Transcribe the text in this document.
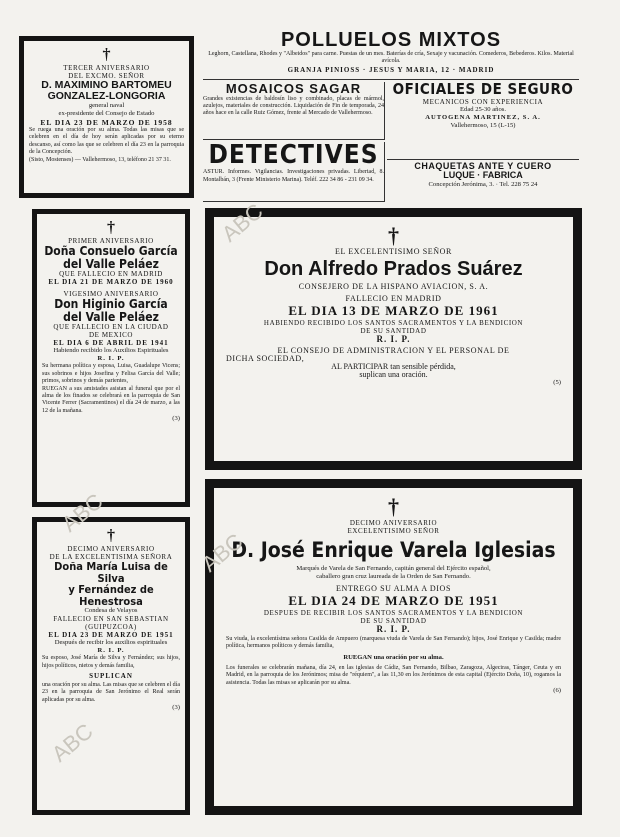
†
TERCER ANIVERSARIO
DEL EXCMO. SEÑOR
D. MAXIMINO BARTOMEU
GONZALEZ-LONGORIA
general naval
ex-presidente del Consejo de Estado
EL DIA 23 DE MARZO DE 1958
Se ruega una oración por su alma. Todas las misas que se celebren en el día de hoy serán aplicadas por su eterno descanso, así como las que se celebren el día 23 en la parroquia de la Concepción.
(Sisto, Mostenses) — Vallehermoso, 13, teléfono 21 37 31.
†
PRIMER ANIVERSARIO
Doña Consuelo García
del Valle Peláez
QUE FALLECIO EN MADRID
EL DIA 21 DE MARZO DE 1960
VIGESIMO ANIVERSARIO
Don Higinio García
del Valle Peláez
QUE FALLECIO EN LA CIUDAD
DE MEXICO
EL DIA 6 DE ABRIL DE 1941
Habiendo recibido los Auxilios Espirituales
R. I. P.
Su hermana política y esposa, Luisa, Guadalupe Vicens; sus sobrinos e hijos Josefina y Felisa García del Valle; primos, sobrinos y demás parientes,
RUEGAN a sus amistades asistan al funeral que por el alma de los finados se celebrará en la parroquia de San Vicente Ferrer (Sacramentinos) el día 24 de marzo, a las 12 de la mañana.
(3)
†
DECIMO ANIVERSARIO
DE LA EXCELENTISIMA SEÑORA
Doña María Luisa de Silva
y Fernández de Henestrosa
Condesa de Velayos
FALLECIO EN SAN SEBASTIAN
(GUIPUZCOA)
EL DIA 23 DE MARZO DE 1951
Después de recibir los auxilios espirituales
R. I. P.
Su esposo, José María de Silva y Fernández; sus hijos, hijos políticos, nietos y demás familia,
SUPLICAN
una oración por su alma. Las misas que se celebren el día 23 en la parroquia de San Jerónimo el Real serán aplicadas por su alma.
(3)
POLLUELOS MIXTOS
Leghorn, Castellana, Rhodes y "Albeidos" para carne. Puestas de un mes. Baterías de cría, Sexaje y vacunación. Comederos, Bebederos. Kilos. Material avícola.
GRANJA PINIOSS · JESUS Y MARIA, 12 · MADRID
MOSAICOS SAGAR
Grandes existencias de baldosín liso y combinado, placas de mármol, azulejos, materiales de construcción. Liquidación de Fin de temporada, 24 años hace en la calle Ruiz Gómez, frente al Mercado de Vallehermoso.
OFICIALES DE SEGURO
MECANICOS CON EXPERIENCIA
Edad 25-30 años.
AUTOGENA MARTINEZ, S. A.
Vallehermoso, 15 (L-15)
DETECTIVES
ASTUR. Informes. Vigilancias. Investigaciones privadas. Libertad, 8. Montalbán, 3 (Frente Ministerio Marina). Teléf. 222 34 86 - 231 09 34.
CHAQUETAS ANTE Y CUERO
LUQUE · FABRICA
Concepción Jerónima, 3. · Tel. 228 75 24
†
EL EXCELENTISIMO SEÑOR
Don Alfredo Prados Suárez
CONSEJERO DE LA HISPANO AVIACION, S. A.
FALLECIO EN MADRID
EL DIA 13 DE MARZO DE 1961
HABIENDO RECIBIDO LOS SANTOS SACRAMENTOS Y LA BENDICION
DE SU SANTIDAD
R. I. P.
EL CONSEJO DE ADMINISTRACION Y EL PERSONAL DE
DICHA SOCIEDAD,
AL PARTICIPAR tan sensible pérdida,
suplican una oración.
(5)
†
DECIMO ANIVERSARIO
EXCELENTISIMO SEÑOR
D. José Enrique Varela Iglesias
Marqués de Varela de San Fernando, capitán general del Ejército español,
caballero gran cruz laureada de la Orden de San Fernando.
ENTREGO SU ALMA A DIOS
EL DIA 24 DE MARZO DE 1951
DESPUES DE RECIBIR LOS SANTOS SACRAMENTOS Y LA BENDICION
DE SU SANTIDAD
R. I. P.
Su viuda, la excelentísima señora Casilda de Ampuero (marquesa viuda de Varela de San Fernando); hijos, José Enrique y Casilda; madre política, hermanos políticos y demás familia,
RUEGAN una oración por su alma.
Los funerales se celebrarán mañana, día 24, en las iglesias de Cádiz, San Fernando, Bilbao, Zaragoza, Algeciras, Tánger, Ceuta y en Madrid, en la parroquia de los Jerónimos; misa de "réquiem", a las 11,30 en los Jerónimos de esta capital (Ejército Doña, 10), rogamos la asistencia. Todas las misas se aplicarán por su alma.
(6)
ABC
ABC
ABC
ABC
